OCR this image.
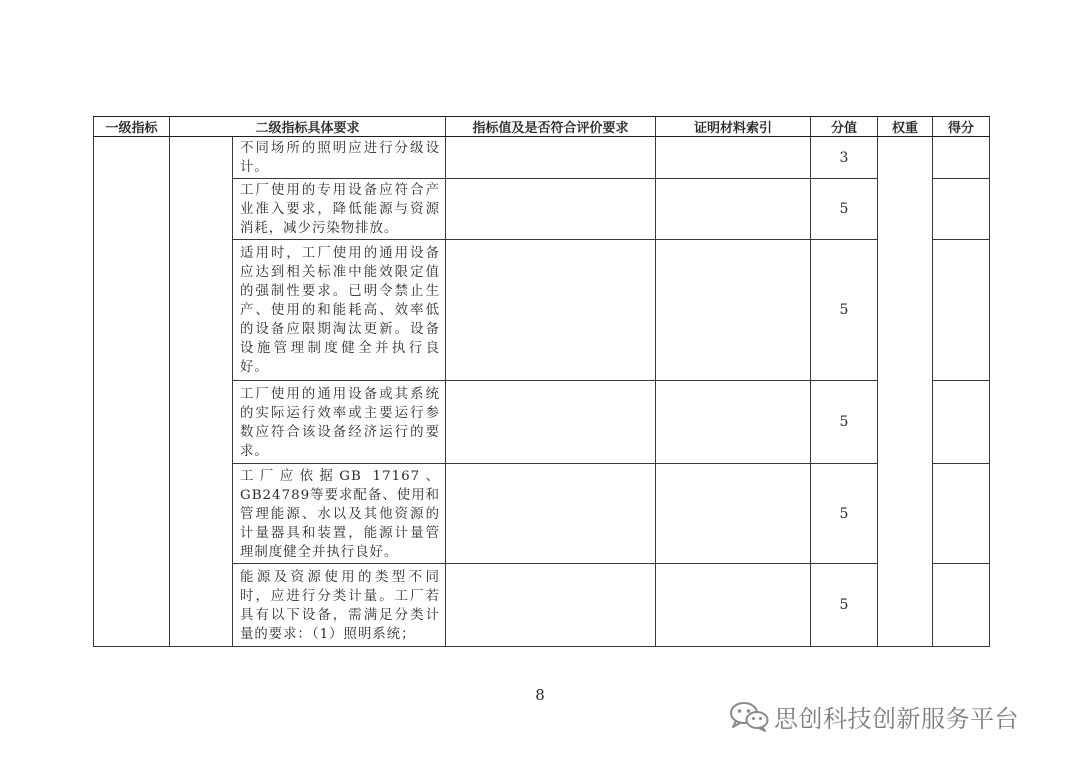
一级指标	二级指标具体要求		指标值及是否符合评价要求	证明材料索引	分值	权重	得分
		不同场所的照明应进行分级设计。			3		
		工厂使用的专用设备应符合产业准入要求，降低能源与资源消耗，减少污染物排放。			5		
		适用时，工厂使用的通用设备应达到相关标准中能效限定值的强制性要求。已明令禁止生产、使用的和能耗高、效率低的设备应限期淘汰更新。设备设施管理制度健全并执行良好。			5		
		工厂使用的通用设备或其系统的实际运行效率或主要运行参数应符合该设备经济运行的要求。			5		
		工厂应依据GB 17167、GB24789等要求配备、使用和管理能源、水以及其他资源的计量器具和装置，能源计量管理制度健全并执行良好。			5		
		能源及资源使用的类型不同时，应进行分类计量。工厂若具有以下设备，需满足分类计量的要求：（1）照明系统；			5		
8
思创科技创新服务平台
